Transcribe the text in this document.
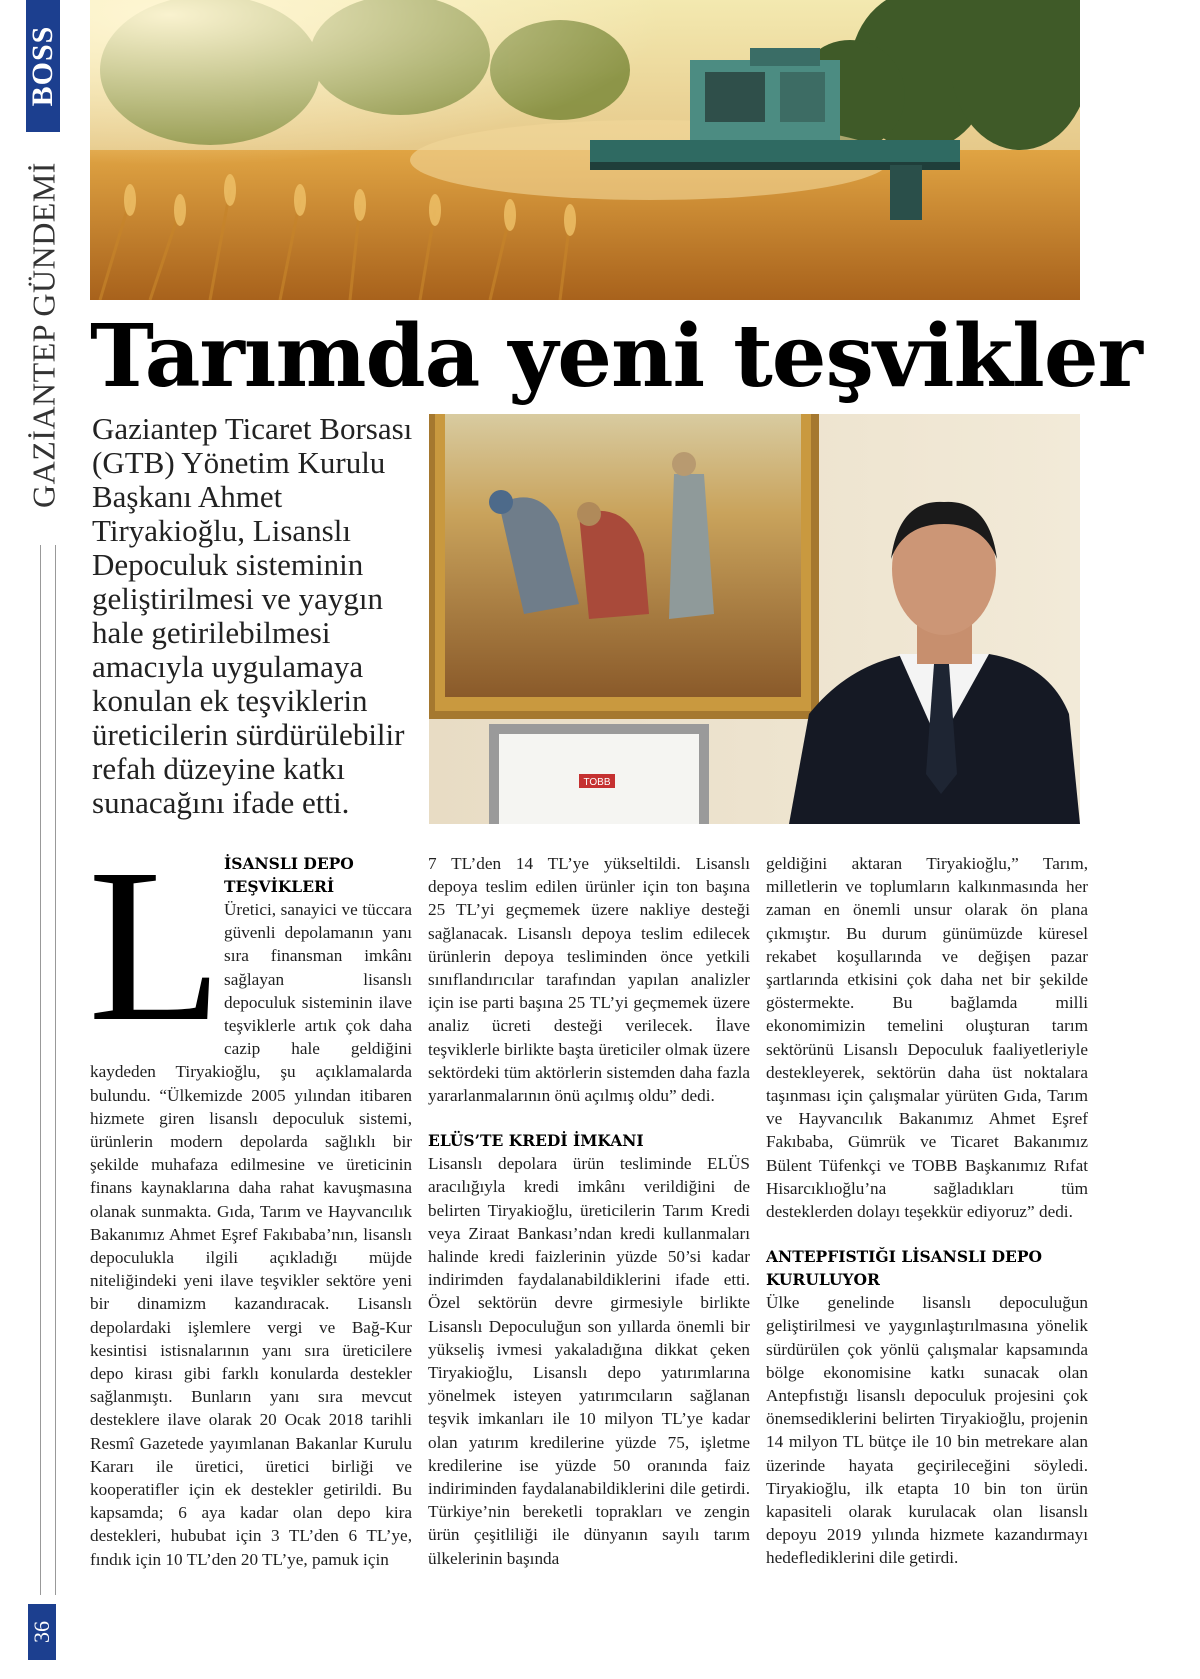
BOSS
GAZİANTEP GÜNDEMİ
36
Tarımda yeni teşvikler
Gaziantep Ticaret Borsası (GTB) Yönetim Kurulu Başkanı Ahmet Tiryakioğlu, Lisanslı Depoculuk sisteminin geliştirilmesi ve yaygın hale getirilebilmesi amacıyla uygulamaya konulan ek teşviklerin üreticilerin sürdürülebilir refah düzeyine katkı sunacağını ifade etti.
TOBB
L İSANSLI DEPO TEŞVİKLERİ

Üretici, sanayici ve tüccara güvenli depolamanın yanı sıra finansman imkânı sağlayan lisanslı depoculuk sisteminin ilave teşviklerle artık çok daha cazip hale geldiğini kaydeden Tiryakioğlu, şu açıklamalarda bulundu. “Ülkemizde 2005 yılından itibaren hizmete giren lisanslı depoculuk sistemi, ürünlerin modern depolarda sağlıklı bir şekilde muhafaza edilmesine ve üreticinin finans kaynaklarına daha rahat kavuşmasına olanak sunmakta. Gıda, Tarım ve Hayvancılık Bakanımız Ahmet Eşref Fakıbaba’nın, lisanslı depoculukla ilgili açıkladığı müjde niteliğindeki yeni ilave teşvikler sektöre yeni bir dinamizm kazandıracak. Lisanslı depolardaki işlemlere vergi ve Bağ-Kur kesintisi istisnalarının yanı sıra üreticilere depo kirası gibi farklı konularda destekler sağlanmıştı. Bunların yanı sıra mevcut desteklere ilave olarak 20 Ocak 2018 tarihli Resmî Gazetede yayımlanan Bakanlar Kurulu Kararı ile üretici, üretici birliği ve kooperatifler için ek destekler getirildi. Bu kapsamda; 6 aya kadar olan depo kira destekleri, hububat için 3 TL’den 6 TL’ye, fındık için 10 TL’den 20 TL’ye, pamuk için

7 TL’den 14 TL’ye yükseltildi. Lisanslı depoya teslim edilen ürünler için ton başına 25 TL’yi geçmemek üzere nakliye desteği sağlanacak. Lisanslı depoya teslim edilecek ürünlerin depoya tesliminden önce yetkili sınıflandırıcılar tarafından yapılan analizler için ise parti başına 25 TL’yi geçmemek üzere analiz ücreti desteği verilecek. İlave teşviklerle birlikte başta üreticiler olmak üzere sektördeki tüm aktörlerin sistemden daha fazla yararlanmalarının önü açılmış oldu” dedi.

ELÜS’TE KREDİ İMKANI

Lisanslı depolara ürün tesliminde ELÜS aracılığıyla kredi imkânı verildiğini de belirten Tiryakioğlu, üreticilerin Tarım Kredi veya Ziraat Bankası’ndan kredi kullanmaları halinde kredi faizlerinin yüzde 50’si kadar indirimden faydalanabildiklerini ifade etti. Özel sektörün devre girmesiyle birlikte Lisanslı Depoculuğun son yıllarda önemli bir yükseliş ivmesi yakaladığına dikkat çeken Tiryakioğlu, Lisanslı depo yatırımlarına yönelmek isteyen yatırımcıların sağlanan teşvik imkanları ile 10 milyon TL’ye kadar olan yatırım kredilerine yüzde 75, işletme kredilerine ise yüzde 50 oranında faiz indiriminden faydalanabildiklerini dile getirdi. Türkiye’nin bereketli toprakları ve zengin ürün çeşitliliği ile dünyanın sayılı tarım ülkelerinin başında

geldiğini aktaran Tiryakioğlu,” Tarım, milletlerin ve toplumların kalkınmasında her zaman en önemli unsur olarak ön plana çıkmıştır. Bu durum günümüzde küresel rekabet koşullarında ve değişen pazar şartlarında etkisini çok daha net bir şekilde göstermekte. Bu bağlamda milli ekonomimizin temelini oluşturan tarım sektörünü Lisanslı Depoculuk faaliyetleriyle destekleyerek, sektörün daha üst noktalara taşınması için çalışmalar yürüten Gıda, Tarım ve Hayvancılık Bakanımız Ahmet Eşref Fakıbaba, Gümrük ve Ticaret Bakanımız Bülent Tüfenkçi ve TOBB Başkanımız Rıfat Hisarcıklıoğlu’na sağladıkları tüm desteklerden dolayı teşekkür ediyoruz” dedi.

ANTEPFISTIĞI LİSANSLI DEPO KURULUYOR

Ülke genelinde lisanslı depoculuğun geliştirilmesi ve yaygınlaştırılmasına yönelik sürdürülen çok yönlü çalışmalar kapsamında bölge ekonomisine katkı sunacak olan Antepfıstığı lisanslı depoculuk projesini çok önemsediklerini belirten Tiryakioğlu, projenin 14 milyon TL bütçe ile 10 bin metrekare alan üzerinde hayata geçirileceğini söyledi. Tiryakioğlu, ilk etapta 10 bin ton ürün kapasiteli olarak kurulacak olan lisanslı depoyu 2019 yılında hizmete kazandırmayı hedeflediklerini dile getirdi.
